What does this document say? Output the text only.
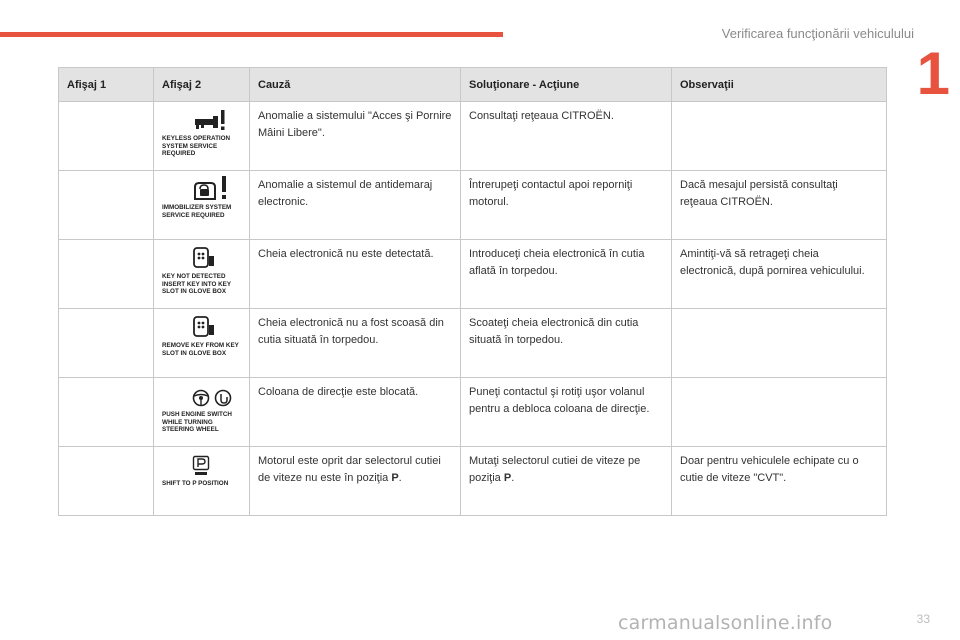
Verificarea funcţionării vehiculului
1
Afişaj 1	Afişaj 2	Cauză	Soluţionare - Acţiune	Observaţii

	KEYLESS OPERATION
SYSTEM SERVICE
REQUIRED	Anomalie a sistemului "Acces şi Pornire Mâini Libere".	Consultaţi reţeaua CITROËN.	

	IMMOBILIZER SYSTEM
SERVICE REQUIRED	Anomalie a sistemul de antidemaraj electronic.	Întrerupeţi contactul apoi reporniţi motorul.	Dacă mesajul persistă consultaţi reţeaua CITROËN.

	KEY NOT DETECTED
INSERT KEY INTO KEY
SLOT IN GLOVE BOX	Cheia electronică nu este detectată.	Introduceţi cheia electronică în cutia aflată în torpedou.	Amintiţi-vă să retrageţi cheia electronică, după pornirea vehiculului.

	REMOVE KEY FROM KEY
SLOT IN GLOVE BOX	Cheia electronică nu a fost scoasă din cutia situată în torpedou.	Scoateţi cheia electronică din cutia situată în torpedou.	

	PUSH ENGINE SWITCH
WHILE TURNING
STEERING WHEEL	Coloana de direcţie este blocată.	Puneţi contactul şi rotiţi uşor volanul pentru a debloca coloana de direcţie.	

	SHIFT TO P POSITION	Motorul este oprit dar selectorul cutiei de viteze nu este în poziţia P.	Mutaţi selectorul cutiei de viteze pe poziţia P.	Doar pentru vehiculele echipate cu o cutie de viteze "CVT".
carmanualsonline.info	33
